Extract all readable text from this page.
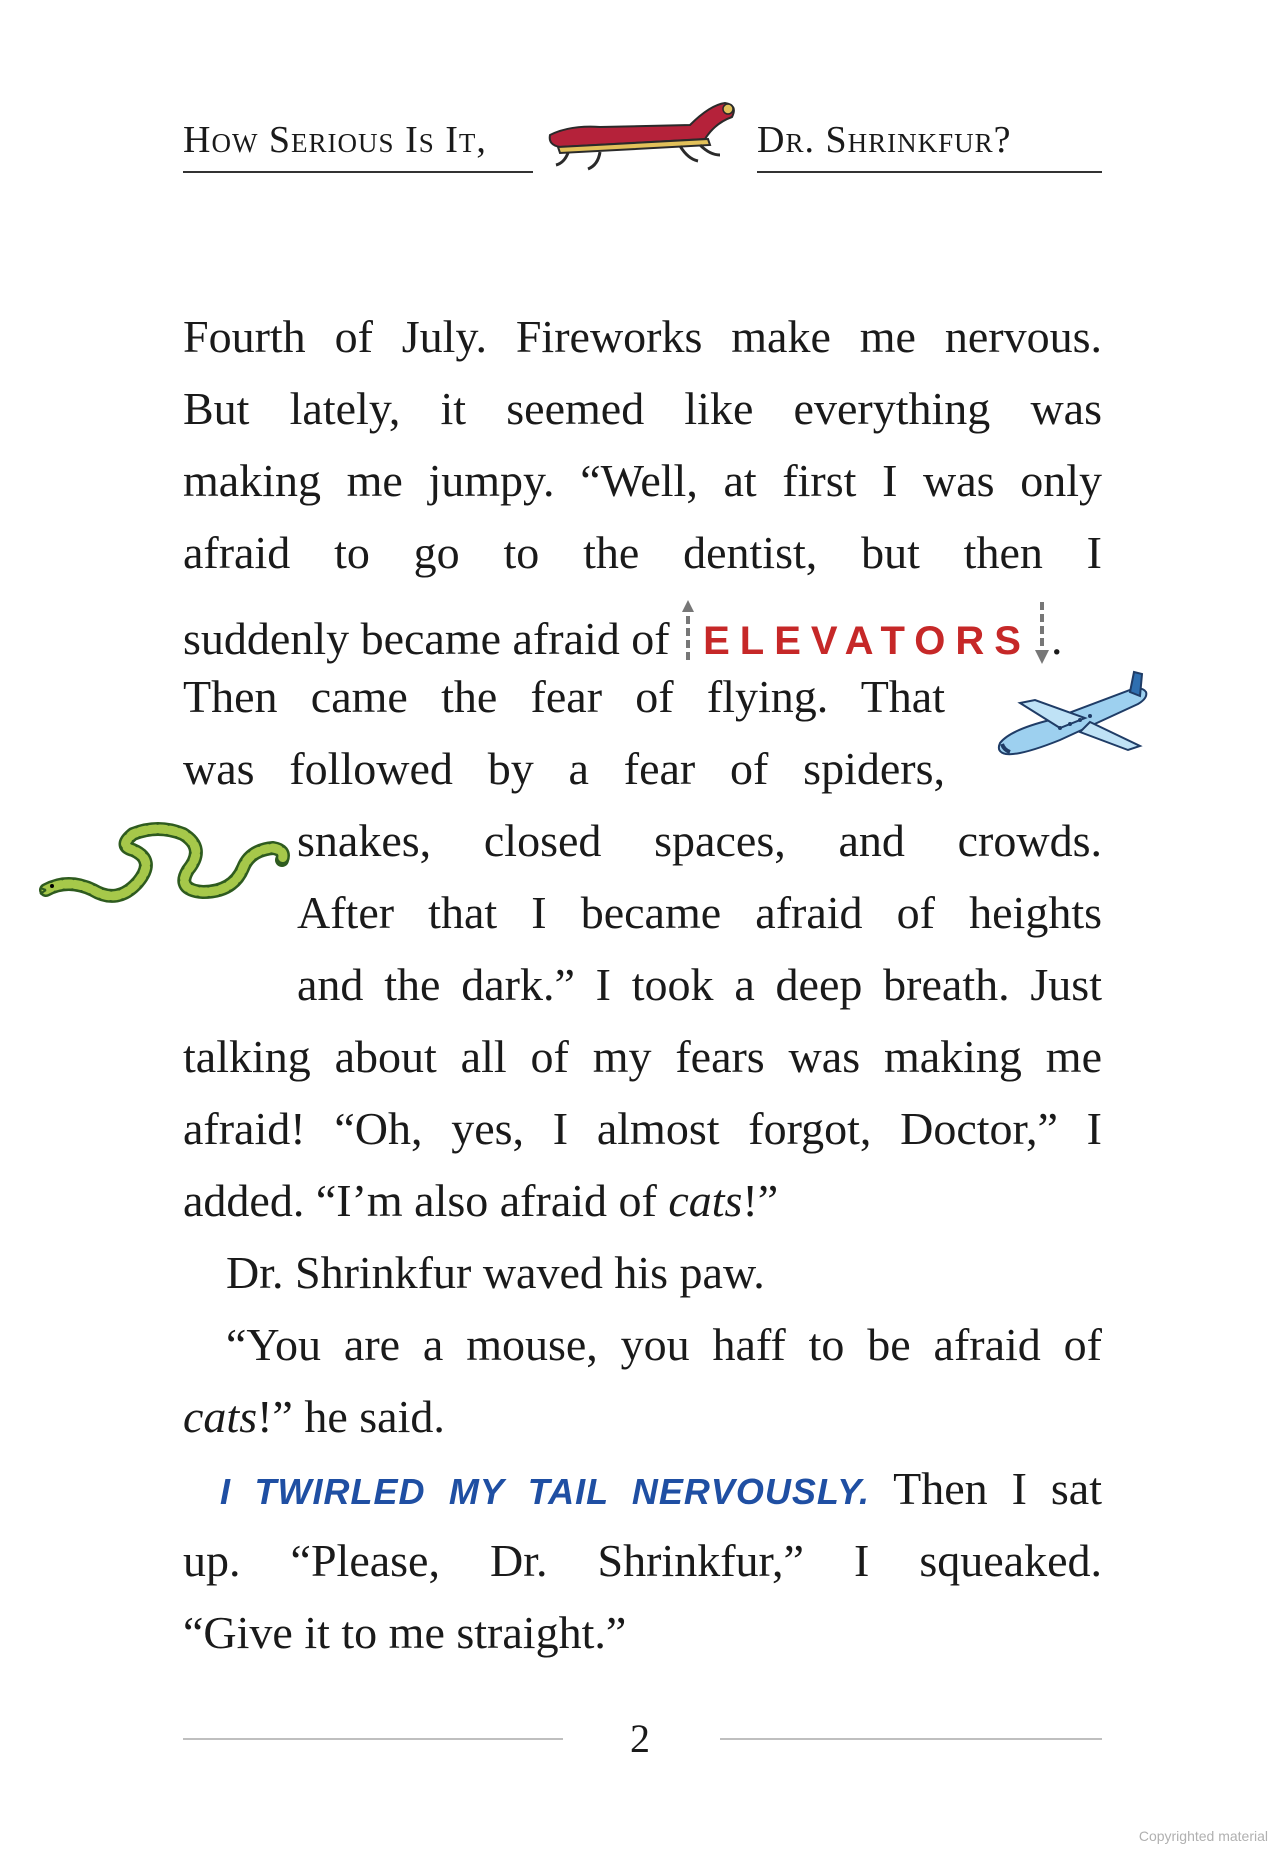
How Serious Is It,	Dr. Shrinkfur?
Fourth of July. Fireworks make me nervous.
But lately, it seemed like everything was
making me jumpy. “Well, at first I was only
afraid to go to the dentist, but then I
suddenly became afraid of ELEVATORS .
Then came the fear of flying. That
was followed by a fear of spiders,
snakes, closed spaces, and crowds.
After that I became afraid of heights
and the dark.” I took a deep breath. Just
talking about all of my fears was making me
afraid! “Oh, yes, I almost forgot, Doctor,” I
added. “I’m also afraid of cats!”
Dr. Shrinkfur waved his paw.
“You are a mouse, you haff to be afraid of
cats!” he said.
I TWIRLED MY TAIL NERVOUSLY. Then I sat
up. “Please, Dr. Shrinkfur,” I squeaked.
“Give it to me straight.”
2
Copyrighted material
